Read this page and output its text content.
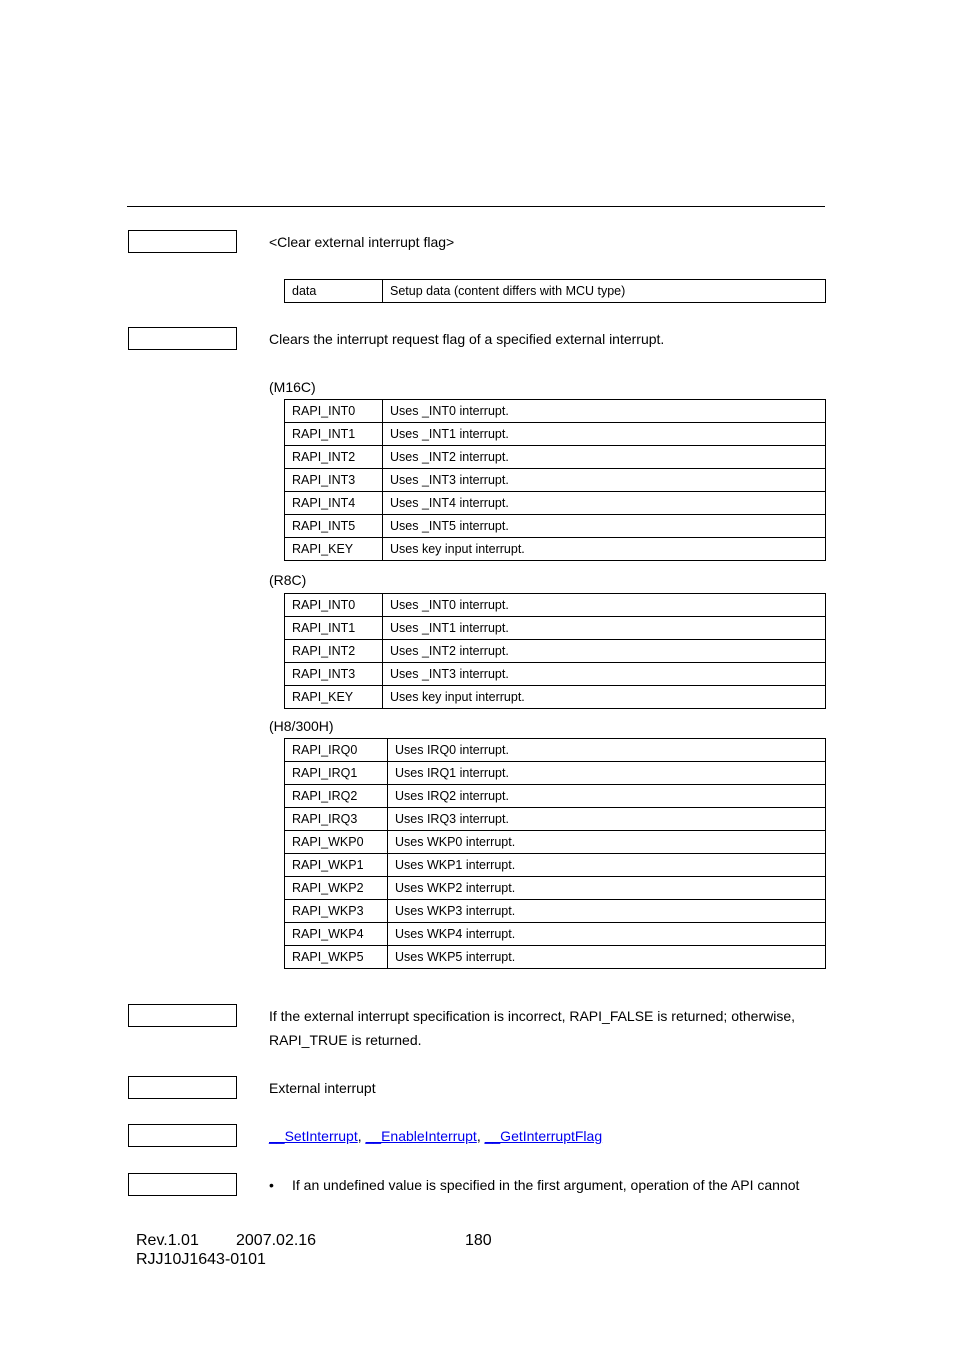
<Clear external interrupt flag>
data	Setup data (content differs with MCU type)
Clears the interrupt request flag of a specified external interrupt.
(M16C)
RAPI_INT0	Uses _INT0 interrupt.
RAPI_INT1	Uses _INT1 interrupt.
RAPI_INT2	Uses _INT2 interrupt.
RAPI_INT3	Uses _INT3 interrupt.
RAPI_INT4	Uses _INT4 interrupt.
RAPI_INT5	Uses _INT5 interrupt.
RAPI_KEY	Uses key input interrupt.
(R8C)
RAPI_INT0	Uses _INT0 interrupt.
RAPI_INT1	Uses _INT1 interrupt.
RAPI_INT2	Uses _INT2 interrupt.
RAPI_INT3	Uses _INT3 interrupt.
RAPI_KEY	Uses key input interrupt.
(H8/300H)
RAPI_IRQ0	Uses IRQ0 interrupt.
RAPI_IRQ1	Uses IRQ1 interrupt.
RAPI_IRQ2	Uses IRQ2 interrupt.
RAPI_IRQ3	Uses IRQ3 interrupt.
RAPI_WKP0	Uses WKP0 interrupt.
RAPI_WKP1	Uses WKP1 interrupt.
RAPI_WKP2	Uses WKP2 interrupt.
RAPI_WKP3	Uses WKP3 interrupt.
RAPI_WKP4	Uses WKP4 interrupt.
RAPI_WKP5	Uses WKP5 interrupt.
If the external interrupt specification is incorrect, RAPI_FALSE is returned; otherwise,
RAPI_TRUE is returned.
External interrupt
__SetInterrupt, __EnableInterrupt, __GetInterruptFlag
• If an undefined value is specified in the first argument, operation of the API cannot
Rev.1.01 2007.02.16	180
RJJ10J1643-0101
